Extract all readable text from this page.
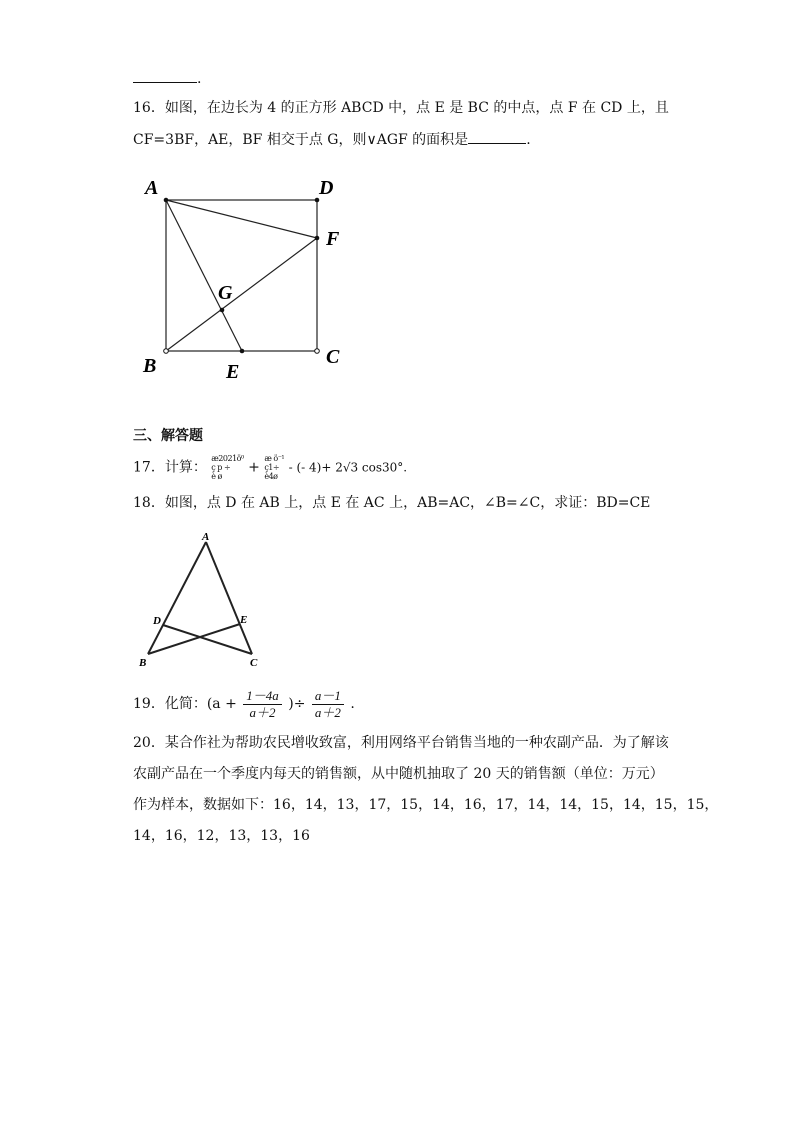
.
16．如图，在边长为 4 的正方形 ABCD 中，点 E 是 BC 的中点，点 F 在 CD 上，且
CF=3BF，AE，BF 相交于点 G，则∨AGF 的面积是	.
A	D
F
G
B	E
C
三、解答题
17．计算：
æ2021ö⁰
ç p ÷
è ø
+
æ ö⁻¹
ç1÷
è4ø
- (- 4)+ 2√3 cos30°.
18．如图，点 D 在 AB 上，点 E 在 AC 上，AB=AC，∠B=∠C，求证：BD=CE
A
D	E
B	C
19．化简：($a + \frac{1-4a}{a+2}$ )÷ $\frac{a-1}{a+2}$ .
20．某合作社为帮助农民增收致富，利用网络平台销售当地的一种农副产品．为了解该
农副产品在一个季度内每天的销售额，从中随机抽取了 20 天的销售额（单位：万元）
作为样本，数据如下：16，14，13，17，15，14，16，17，14，14，15，14，15，15，
14，16，12，13，13，16
